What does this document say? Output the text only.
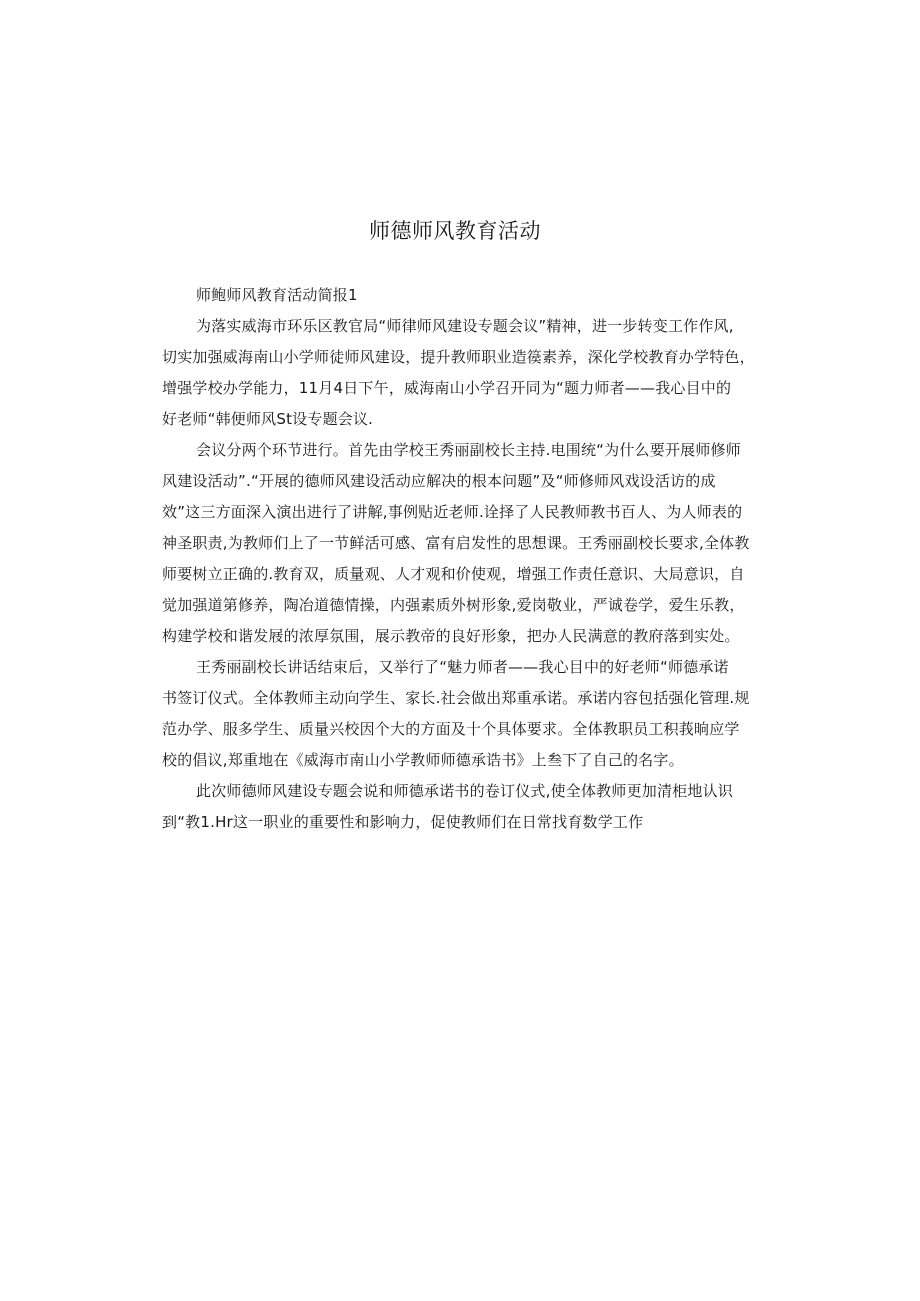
师德师风教育活动
师鲍师风教育活动简报1
为落实威海市环乐区教官局“师律师风建设专题会议”精神，进一步转变工作作风,
切实加强威海南山小学师徒师风建设，提升教师职业造篌素养，深化学校教育办学特色，
增强学校办学能力，11月4日下午，威海南山小学召开同为“题力师者——我心目中的
好老师“韩便师风St设专题会议.
会议分两个环节进行。首先由学校王秀丽副校长主持.电围统“为什么要开展师修师
风建设活动”.“开展的德师风建设活动应解决的根本问题”及“师修师风戏设活访的成
效”这三方面深入演出进行了讲解,事例贴近老师.诠择了人民教师教书百人、为人师表的
神圣职责,为教师们上了一节鲜活可感、富有启发性的思想课。王秀丽副校长要求,全体教
师要树立正确的.教育双，质量观、人才观和价使观，增强工作责任意识、大局意识，自
觉加强道第修养，陶冶道德情操，内强素质外树形象,爱岗敬业，严诚卷学，爱生乐教，
构建学校和谐发屐的浓厚氛围，展示教帝的良好形象，把办人民满意的教府落到实处。
王秀丽副校长讲话结束后，又举行了“魅力师者——我心目中的好老师“师德承诺
书签订仪式。全体教师主动向学生、家长.社会做出郑重承诺。承诺内容包括强化管理.规
范办学、服多学生、质量兴校因个大的方面及十个具体要求。全体教职员工积莪晌应学
校的倡议,郑重地在《威海市南山小学教师师德承诰书》上叁下了自己的名字。
此次师德师风建设专题会说和师德承诺书的卷订仪式,使全体教师更加清柜地认识
到“教1.Hr这一职业的重要性和影响力，促使教师们在日常找育数学工作
